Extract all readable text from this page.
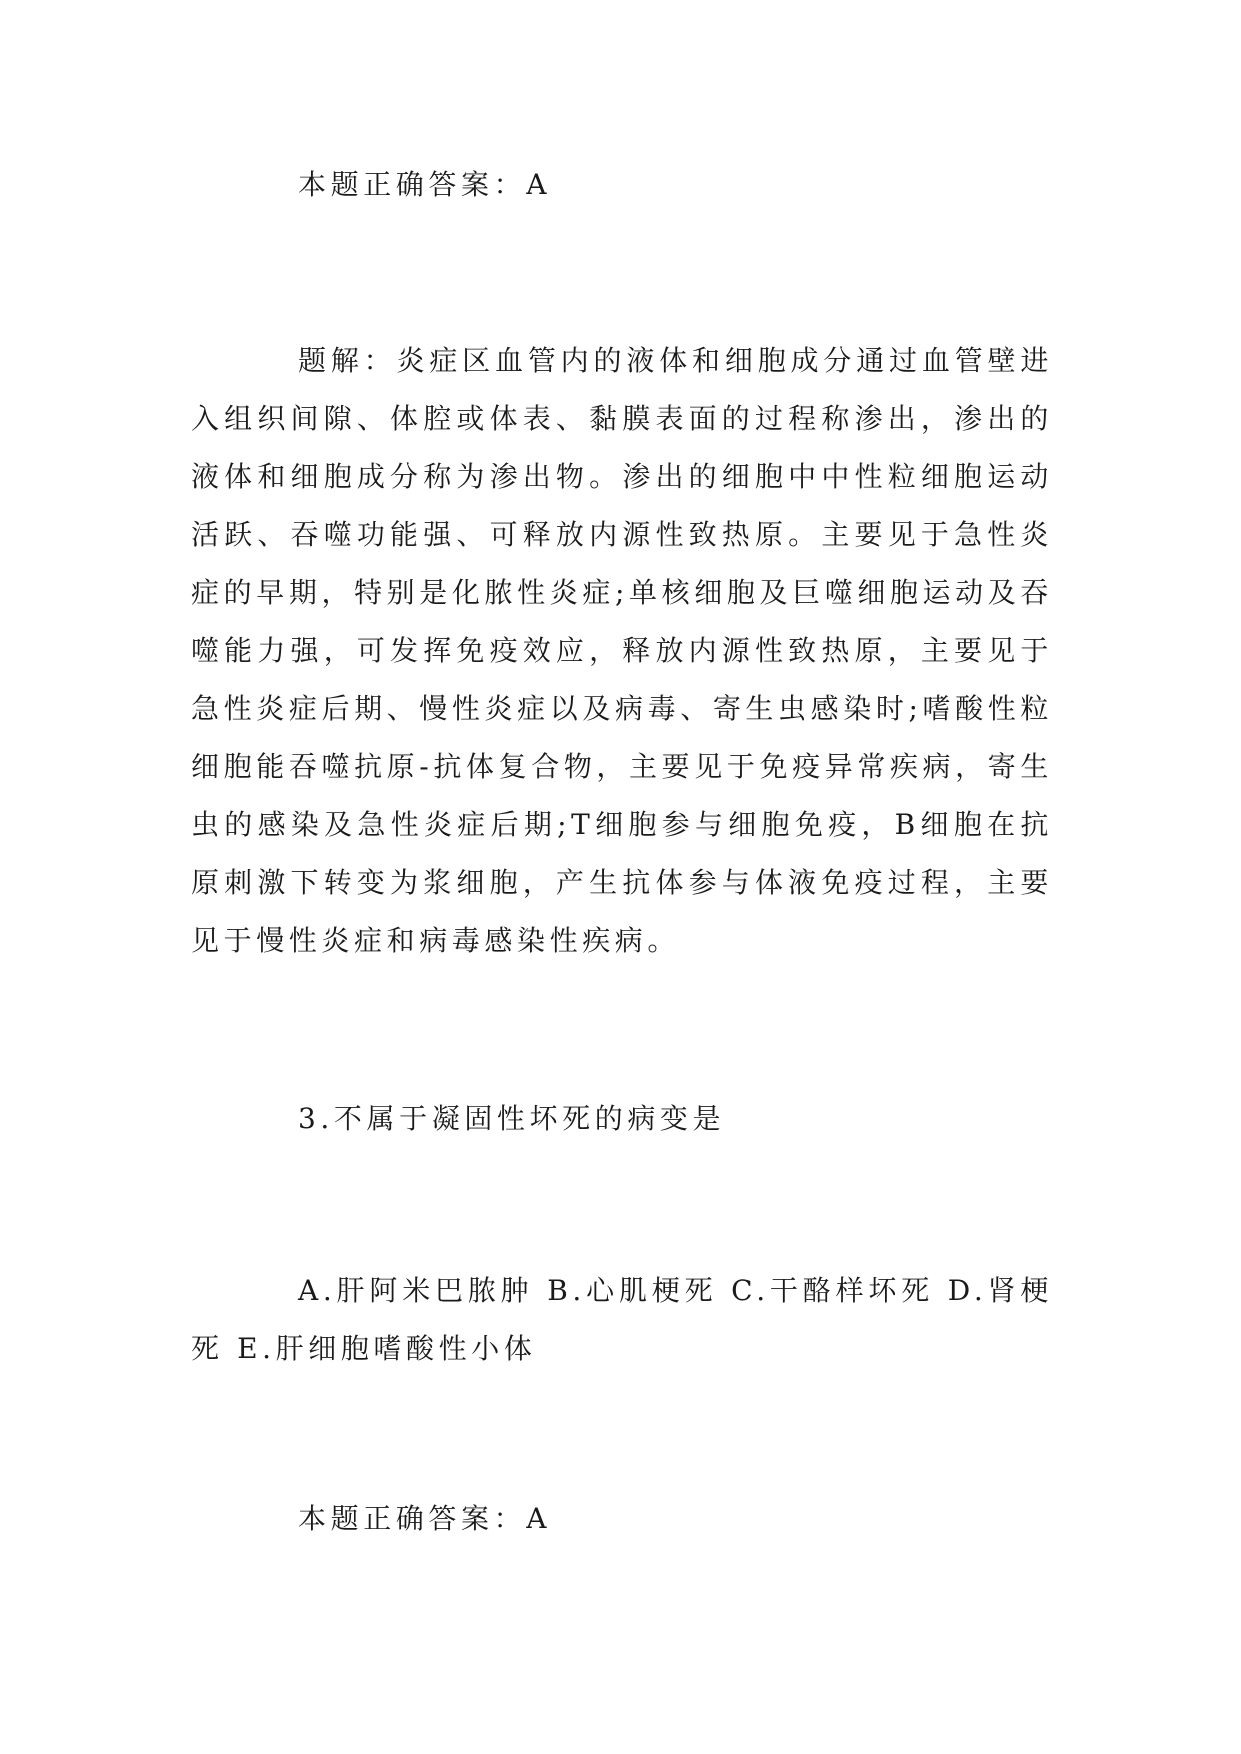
本题正确答案：A

题解：炎症区血管内的液体和细胞成分通过血管壁进入组织间隙、体腔或体表、黏膜表面的过程称渗出，渗出的液体和细胞成分称为渗出物。渗出的细胞中中性粒细胞运动活跃、吞噬功能强、可释放内源性致热原。主要见于急性炎症的早期，特别是化脓性炎症;单核细胞及巨噬细胞运动及吞噬能力强，可发挥免疫效应，释放内源性致热原，主要见于急性炎症后期、慢性炎症以及病毒、寄生虫感染时;嗜酸性粒细胞能吞噬抗原-抗体复合物，主要见于免疫异常疾病，寄生虫的感染及急性炎症后期;T细胞参与细胞免疫，B细胞在抗原刺激下转变为浆细胞，产生抗体参与体液免疫过程，主要见于慢性炎症和病毒感染性疾病。

3.不属于凝固性坏死的病变是

A.肝阿米巴脓肿 B.心肌梗死 C.干酪样坏死 D.肾梗死 E.肝细胞嗜酸性小体

本题正确答案：A
